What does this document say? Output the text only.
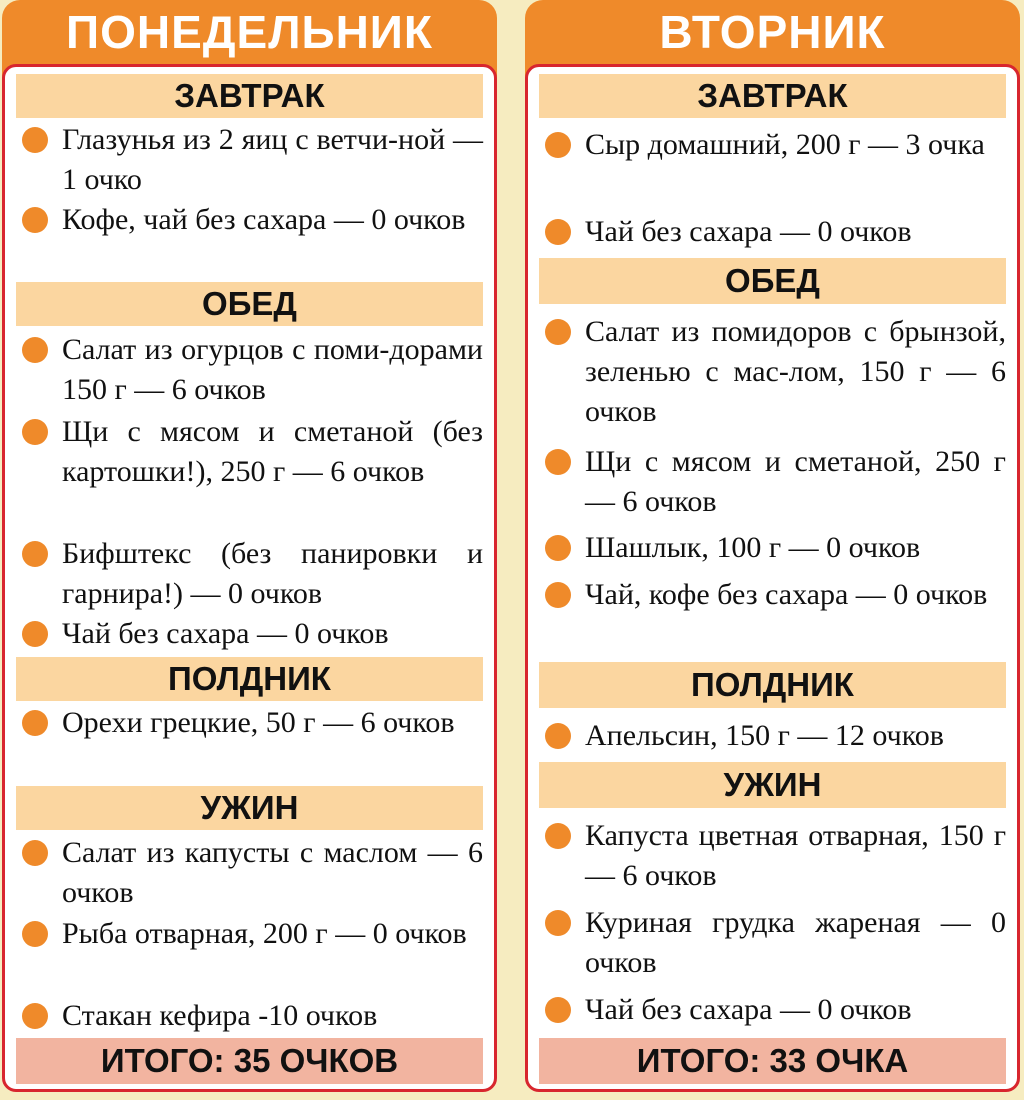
ПОНЕДЕЛЬНИК
ЗАВТРАК
Глазунья из 2 яиц с ветчи-ной — 1 очко
Кофе, чай без сахара — 0 очков
ОБЕД
Салат из огурцов с поми-дорами 150 г — 6 очков
Щи с мясом и сметаной (без картошки!), 250 г — 6 очков
Бифштекс (без панировки и гарнира!) — 0 очков
Чай без сахара — 0 очков
ПОЛДНИК
Орехи грецкие, 50 г — 6 очков
УЖИН
Салат из капусты с маслом — 6 очков
Рыба отварная, 200 г — 0 очков
Стакан кефира -10 очков
ИТОГО: 35 ОЧКОВ
ВТОРНИК
ЗАВТРАК
Сыр домашний, 200 г — 3 очка
Чай без сахара — 0 очков
ОБЕД
Салат из помидоров с брынзой, зеленью с мас-лом, 150 г — 6 очков
Щи с мясом и сметаной, 250 г — 6 очков
Шашлык, 100 г — 0 очков
Чай, кофе без сахара — 0 очков
ПОЛДНИК
Апельсин, 150 г — 12 очков
УЖИН
Капуста цветная отварная, 150 г — 6 очков
Куриная грудка жареная — 0 очков
Чай без сахара — 0 очков
ИТОГО: 33 ОЧКА
